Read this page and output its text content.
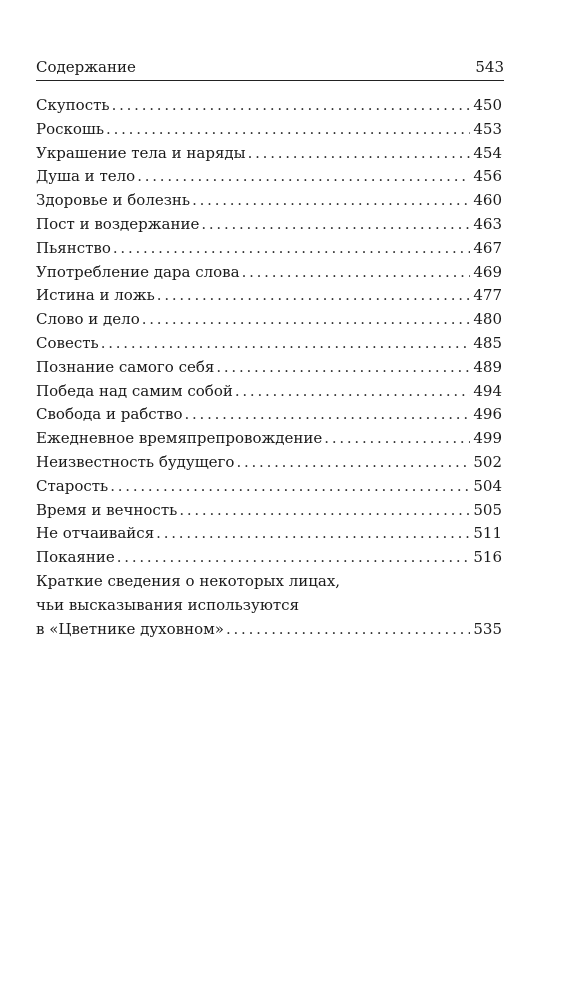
Содержание	543
Скупость . . .	450
Роскошь . . .	453
Украшение тела и наряды . . .	454
Душа и тело . . .	456
Здоровье и болезнь . . .	460
Пост и воздержание . . .	463
Пьянство . . .	467
Употребление дара слова . . .	469
Истина и ложь . . .	477
Слово и дело . . .	480
Совесть . . .	485
Познание самого себя . . .	489
Победа над самим собой . . .	494
Свобода и рабство . . .	496
Ежедневное времяпрепровождение . . .	499
Неизвестность будущего . . .	502
Старость . . .	504
Время и вечность . . .	505
Не отчаивайся . . .	511
Покаяние . . .	516
Краткие сведения о некоторых лицах,
чьи высказывания используются
в «Цветнике духовном» . . .	535
